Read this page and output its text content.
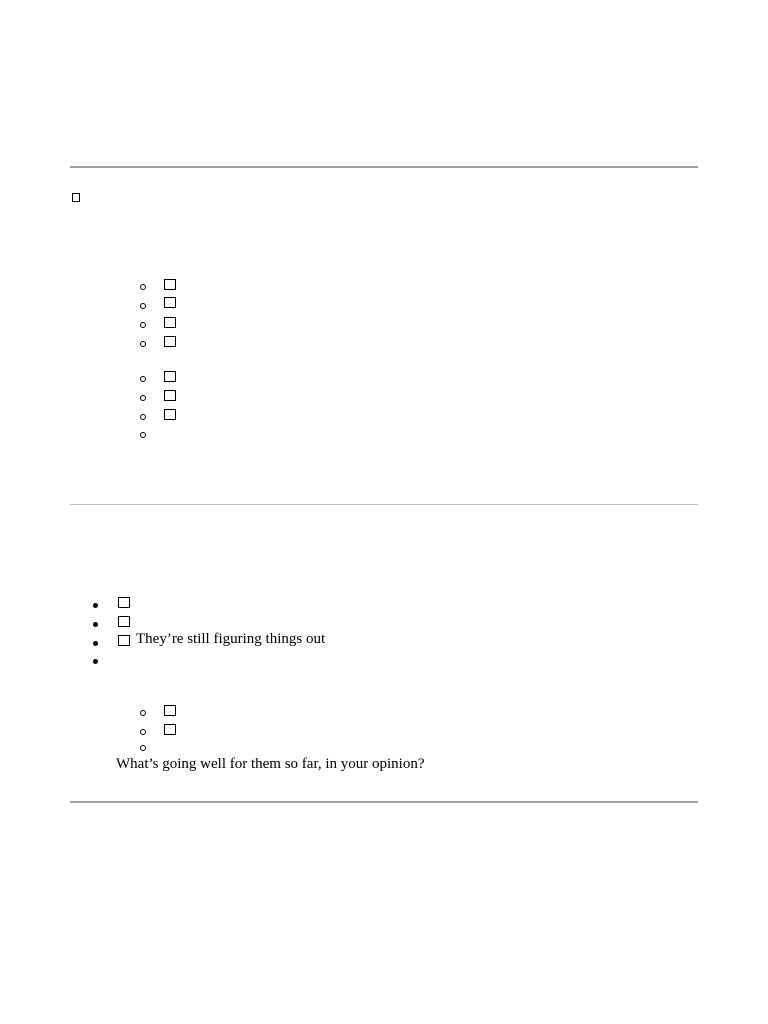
They’re still figuring things out
What’s going well for them so far, in your opinion?
